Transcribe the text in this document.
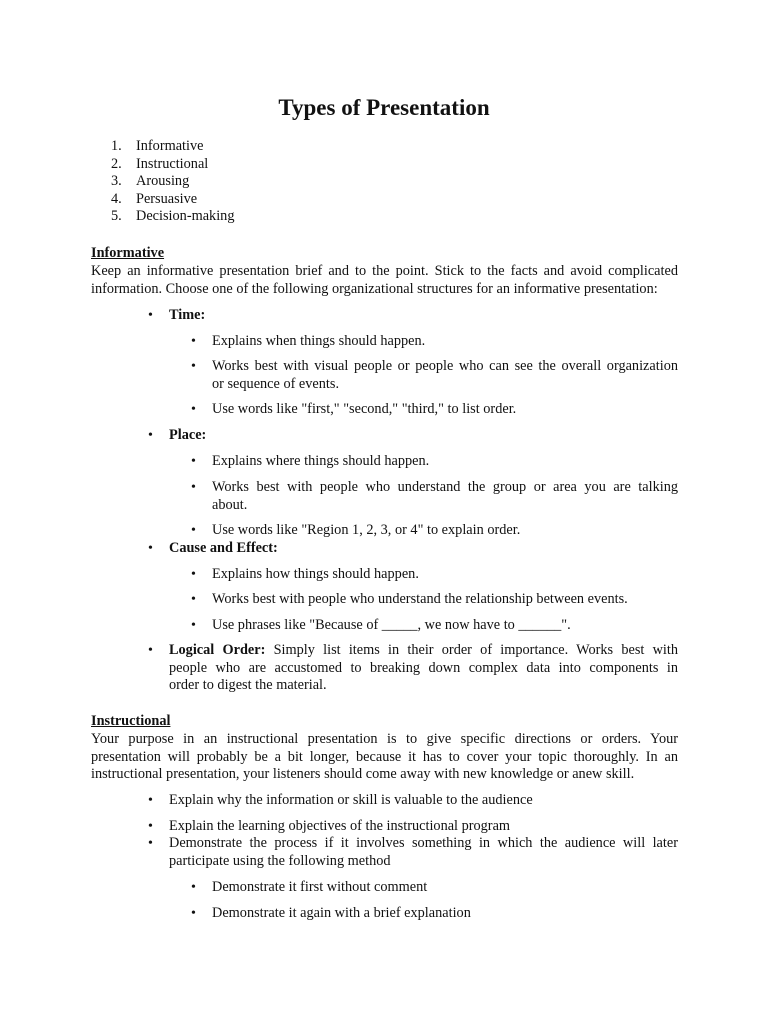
Types of Presentation
1. Informative
2. Instructional
3. Arousing
4. Persuasive
5. Decision-making
Informative
Keep an informative presentation brief and to the point. Stick to the facts and avoid complicated
information. Choose one of the following organizational structures for an informative presentation:
•	Time:
•	Explains when things should happen.
•	Works best with visual people or people who can see the overall organization
or sequence of events.
•	Use words like "first," "second," "third," to list order.
•	Place:
•	Explains where things should happen.
•	Works best with people who understand the group or area you are talking
about.
•	Use words like "Region 1, 2, 3, or 4" to explain order.
•	Cause and Effect:
•	Explains how things should happen.
•	Works best with people who understand the relationship between events.
•	Use phrases like "Because of _____, we now have to ______".
•	Logical Order: Simply list items in their order of importance. Works best with
people who are accustomed to breaking down complex data into components in
order to digest the material.
Instructional
Your purpose in an instructional presentation is to give specific directions or orders. Your
presentation will probably be a bit longer, because it has to cover your topic thoroughly. In an
instructional presentation, your listeners should come away with new knowledge or anew skill.
•	Explain why the information or skill is valuable to the audience
•	Explain the learning objectives of the instructional program
•	Demonstrate the process if it involves something in which the audience will later
participate using the following method
•	Demonstrate it first without comment
•	Demonstrate it again with a brief explanation
